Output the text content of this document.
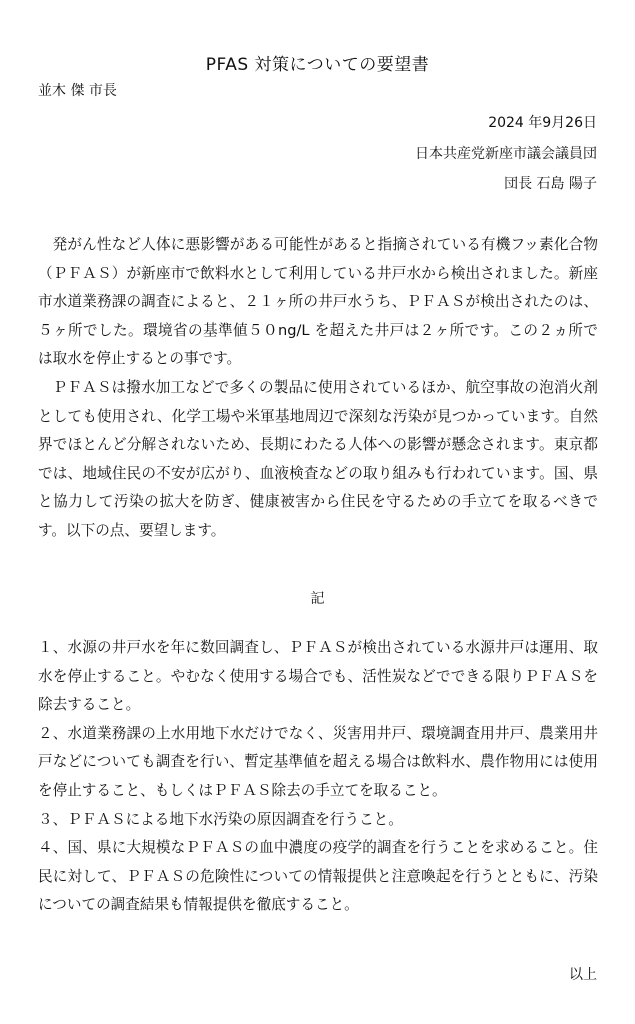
PFAS 対策についての要望書
並木 傑 市長
2024 年9月26日
日本共産党新座市議会議員団
団長 石島 陽子

発がん性など人体に悪影響がある可能性があると指摘されている有機フッ素化合物（ＰＦＡＳ）が新座市で飲料水として利用している井戸水から検出されました。新座市水道業務課の調査によると、２１ヶ所の井戸水うち、ＰＦＡＳが検出されたのは、５ヶ所でした。環境省の基準値５０ng/L を超えた井戸は２ヶ所です。この２ヵ所では取水を停止するとの事です。

ＰＦＡＳは撥水加工などで多くの製品に使用されているほか、航空事故の泡消火剤としても使用され、化学工場や米軍基地周辺で深刻な汚染が見つかっています。自然界でほとんど分解されないため、長期にわたる人体への影響が懸念されます。東京都では、地域住民の不安が広がり、血液検査などの取り組みも行われています。国、県と協力して汚染の拡大を防ぎ、健康被害から住民を守るための手立てを取るべきです。以下の点、要望します。

記

１、水源の井戸水を年に数回調査し、ＰＦＡＳが検出されている水源井戸は運用、取水を停止すること。やむなく使用する場合でも、活性炭などでできる限りＰＦＡＳを除去すること。

２、水道業務課の上水用地下水だけでなく、災害用井戸、環境調査用井戸、農業用井戸などについても調査を行い、暫定基準値を超える場合は飲料水、農作物用には使用を停止すること、もしくはＰＦＡＳ除去の手立てを取ること。

３、ＰＦＡＳによる地下水汚染の原因調査を行うこと。

４、国、県に大規模なＰＦＡＳの血中濃度の疫学的調査を行うことを求めること。住民に対して、ＰＦＡＳの危険性についての情報提供と注意喚起を行うとともに、汚染についての調査結果も情報提供を徹底すること。

以上
